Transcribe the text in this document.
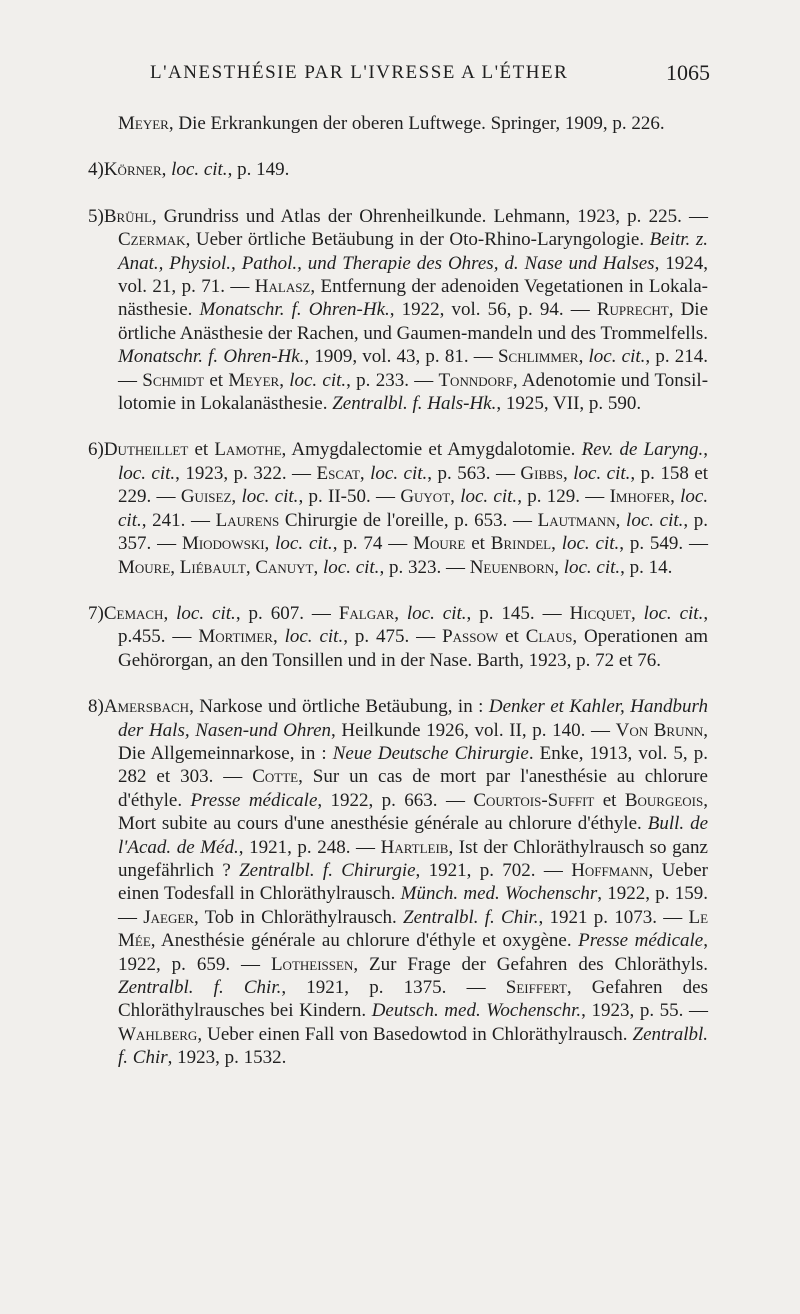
L'ANESTHÉSIE PAR L'IVRESSE A L'ÉTHER	1065

Meyer, Die Erkrankungen der oberen Luftwege. Springer, 1909, p. 226.

4)Körner, loc. cit., p. 149.

5)Brühl, Grundriss und Atlas der Ohrenheilkunde. Lehmann, 1923, p. 225. — Czermak, Ueber örtliche Betäubung in der Oto-Rhino-Laryngologie. Beitr. z. Anat., Physiol., Pathol., und Therapie des Ohres, d. Nase und Halses, 1924, vol. 21, p. 71. — Halasz, Entfernung der adenoiden Vegetationen in Lokala-nästhesie. Monatschr. f. Ohren-Hk., 1922, vol. 56, p. 94. — Ruprecht, Die örtliche Anästhesie der Rachen, und Gaumen-mandeln und des Trommelfells. Monatschr. f. Ohren-Hk., 1909, vol. 43, p. 81. — Schlimmer, loc. cit., p. 214. — Schmidt et Meyer, loc. cit., p. 233. — Tonndorf, Adenotomie und Tonsil-lotomie in Lokalanästhesie. Zentralbl. f. Hals-Hk., 1925, VII, p. 590.

6)Dutheillet et Lamothe, Amygdalectomie et Amygdalotomie. Rev. de Laryng., loc. cit., 1923, p. 322. — Escat, loc. cit., p. 563. — Gibbs, loc. cit., p. 158 et 229. — Guisez, loc. cit., p. II-50. — Guyot, loc. cit., p. 129. — Imhofer, loc. cit., 241. — Laurens Chirurgie de l'oreille, p. 653. — Lautmann, loc. cit., p. 357. — Miodowski, loc. cit., p. 74 — Moure et Brindel, loc. cit., p. 549. — Moure, Liébault, Canuyt, loc. cit., p. 323. — Neuenborn, loc. cit., p. 14.

7)Cemach, loc. cit., p. 607. — Falgar, loc. cit., p. 145. — Hicquet, loc. cit., p.455. — Mortimer, loc. cit., p. 475. — Passow et Claus, Operationen am Gehörorgan, an den Tonsillen und in der Nase. Barth, 1923, p. 72 et 76.

8)Amersbach, Narkose und örtliche Betäubung, in : Denker et Kahler, Handburh der Hals, Nasen-und Ohren, Heilkunde 1926, vol. II, p. 140. — Von Brunn, Die Allgemeinnarkose, in : Neue Deutsche Chirurgie. Enke, 1913, vol. 5, p. 282 et 303. — Cotte, Sur un cas de mort par l'anesthésie au chlorure d'éthyle. Presse médicale, 1922, p. 663. — Courtois-Suffit et Bourgeois, Mort subite au cours d'une anesthésie générale au chlorure d'éthyle. Bull. de l'Acad. de Méd., 1921, p. 248. — Hartleib, Ist der Chloräthylrausch so ganz ungefährlich ? Zentralbl. f. Chirurgie, 1921, p. 702. — Hoffmann, Ueber einen Todesfall in Chloräthylrausch. Münch. med. Wochenschr, 1922, p. 159. — Jaeger, Tob in Chloräthylrausch. Zentralbl. f. Chir., 1921 p. 1073. — Le Mée, Anesthésie générale au chlorure d'éthyle et oxygène. Presse médicale, 1922, p. 659. — Lotheissen, Zur Frage der Gefahren des Chloräthyls. Zentralbl. f. Chir., 1921, p. 1375. — Seiffert, Gefahren des Chloräthylrausches bei Kindern. Deutsch. med. Wochenschr., 1923, p. 55. — Wahlberg, Ueber einen Fall von Basedowtod in Chloräthylrausch. Zentralbl. f. Chir, 1923, p. 1532.
